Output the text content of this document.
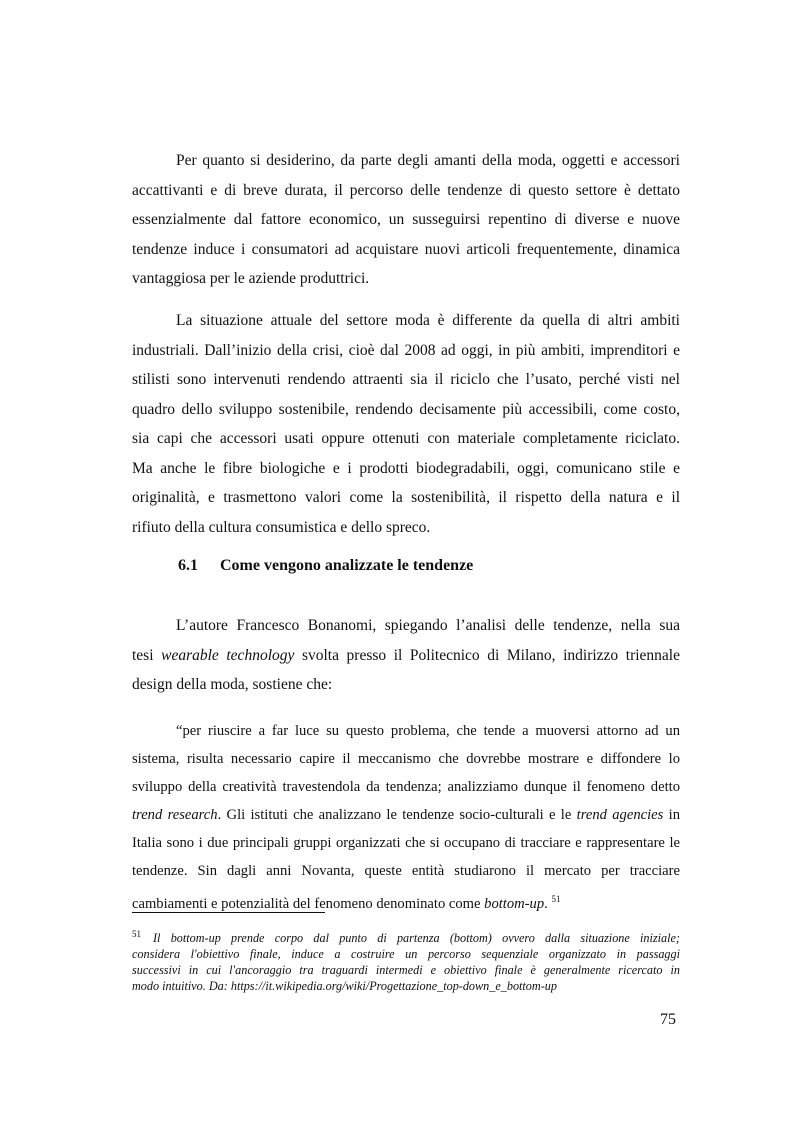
Per quanto si desiderino, da parte degli amanti della moda, oggetti e accessori
accattivanti e di breve durata, il percorso delle tendenze di questo settore è dettato
essenzialmente dal fattore economico, un susseguirsi repentino di diverse e nuove
tendenze induce i consumatori ad acquistare nuovi articoli frequentemente, dinamica
vantaggiosa per le aziende produttrici.

La situazione attuale del settore moda è differente da quella di altri ambiti
industriali. Dall’inizio della crisi, cioè dal 2008 ad oggi, in più ambiti, imprenditori e
stilisti sono intervenuti rendendo attraenti sia il riciclo che l’usato, perché visti nel
quadro dello sviluppo sostenibile, rendendo decisamente più accessibili, come costo,
sia capi che accessori usati oppure ottenuti con materiale completamente riciclato.
Ma anche le fibre biologiche e i prodotti biodegradabili, oggi, comunicano stile e
originalità, e trasmettono valori come la sostenibilità, il rispetto della natura e il
rifiuto della cultura consumistica e dello spreco.

6.1 Come vengono analizzate le tendenze

L’autore Francesco Bonanomi, spiegando l’analisi delle tendenze, nella sua
tesi wearable technology svolta presso il Politecnico di Milano, indirizzo triennale
design della moda, sostiene che:

“per riuscire a far luce su questo problema, che tende a muoversi attorno ad un
sistema, risulta necessario capire il meccanismo che dovrebbe mostrare e diffondere lo
sviluppo della creatività travestendola da tendenza; analizziamo dunque il fenomeno detto
trend research. Gli istituti che analizzano le tendenze socio-culturali e le trend agencies in
Italia sono i due principali gruppi organizzati che si occupano di tracciare e rappresentare le
tendenze. Sin dagli anni Novanta, queste entità studiarono il mercato per tracciare
cambiamenti e potenzialità del fenomeno denominato come bottom-up. $^{51}$

$^{51}$ Il bottom-up prende corpo dal punto di partenza (bottom) ovvero dalla situazione iniziale;
considera l'obiettivo finale, induce a costruire un percorso sequenziale organizzato in passaggi
successivi in cui l'ancoraggio tra traguardi intermedi e obiettivo finale è generalmente ricercato in
modo intuitivo. Da: https://it.wikipedia.org/wiki/Progettazione_top-down_e_bottom-up

75
